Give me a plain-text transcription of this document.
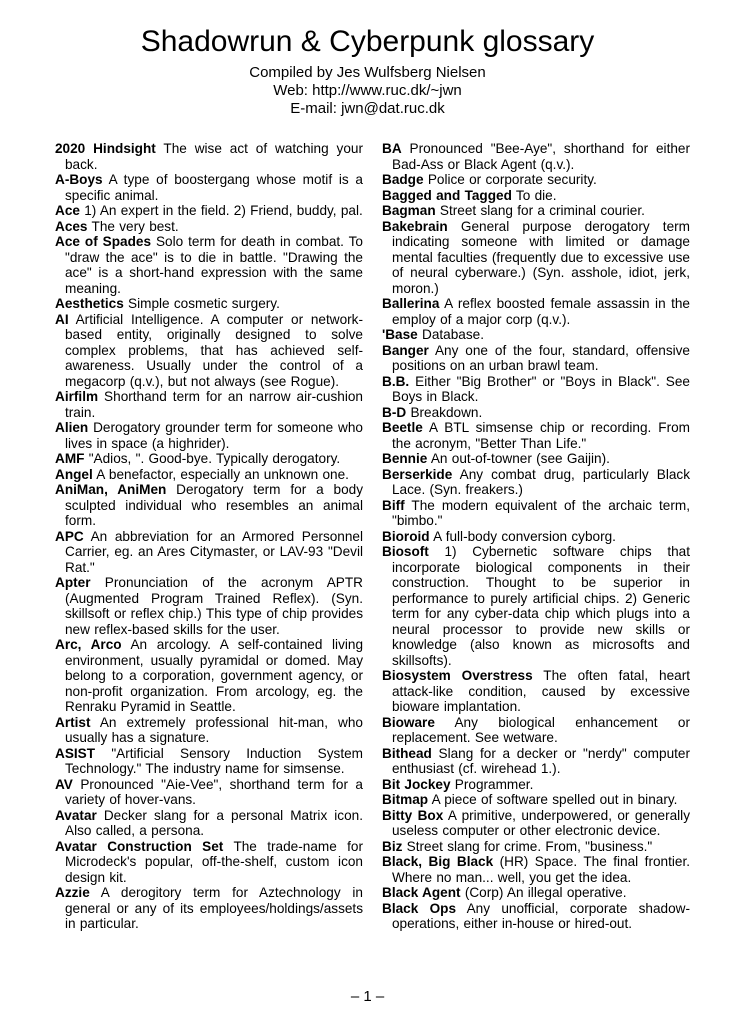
Shadowrun & Cyberpunk glossary
Compiled by Jes Wulfsberg Nielsen
Web: http://www.ruc.dk/~jwn
E-mail: jwn@dat.ruc.dk

2020 Hindsight The wise act of watching your back.

A-Boys A type of boostergang whose motif is a specific animal.

Ace 1) An expert in the field. 2) Friend, buddy, pal.

Aces The very best.

Ace of Spades Solo term for death in combat. To "draw the ace" is to die in battle. "Drawing the ace" is a short-hand expression with the same meaning.

Aesthetics Simple cosmetic surgery.

AI Artificial Intelligence. A computer or network-based entity, originally designed to solve complex problems, that has achieved self-awareness. Usually under the control of a megacorp (q.v.), but not always (see Rogue).

Airfilm Shorthand term for an narrow air-cushion train.

Alien Derogatory grounder term for someone who lives in space (a highrider).

AMF "Adios, ". Good-bye. Typically derogatory.

Angel A benefactor, especially an unknown one.

AniMan, AniMen Derogatory term for a body sculpted individual who resembles an animal form.

APC An abbreviation for an Armored Personnel Carrier, eg. an Ares Citymaster, or LAV-93 "Devil Rat."

Apter Pronunciation of the acronym APTR (Augmented Program Trained Reflex). (Syn. skillsoft or reflex chip.) This type of chip provides new reflex-based skills for the user.

Arc, Arco An arcology. A self-contained living environment, usually pyramidal or domed. May belong to a corporation, government agency, or non-profit organization. From arcology, eg. the Renraku Pyramid in Seattle.

Artist An extremely professional hit-man, who usually has a signature.

ASIST "Artificial Sensory Induction System Technology." The industry name for simsense.

AV Pronounced "Aie-Vee", shorthand term for a variety of hover-vans.

Avatar Decker slang for a personal Matrix icon. Also called, a persona.

Avatar Construction Set The trade-name for Microdeck's popular, off-the-shelf, custom icon design kit.

Azzie A derogitory term for Aztechnology in general or any of its employees/holdings/assets in particular.

BA Pronounced "Bee-Aye", shorthand for either Bad-Ass or Black Agent (q.v.).

Badge Police or corporate security.

Bagged and Tagged To die.

Bagman Street slang for a criminal courier.

Bakebrain General purpose derogatory term indicating someone with limited or damage mental faculties (frequently due to excessive use of neural cyberware.) (Syn. asshole, idiot, jerk, moron.)

Ballerina A reflex boosted female assassin in the employ of a major corp (q.v.).

'Base Database.

Banger Any one of the four, standard, offensive positions on an urban brawl team.

B.B. Either "Big Brother" or "Boys in Black". See Boys in Black.

B-D Breakdown.

Beetle A BTL simsense chip or recording. From the acronym, "Better Than Life."

Bennie An out-of-towner (see Gaijin).

Berserkide Any combat drug, particularly Black Lace. (Syn. freakers.)

Biff The modern equivalent of the archaic term, "bimbo."

Bioroid A full-body conversion cyborg.

Biosoft 1) Cybernetic software chips that incorporate biological components in their construction. Thought to be superior in performance to purely artificial chips. 2) Generic term for any cyber-data chip which plugs into a neural processor to provide new skills or knowledge (also known as microsofts and skillsofts).

Biosystem Overstress The often fatal, heart attack-like condition, caused by excessive bioware implantation.

Bioware Any biological enhancement or replacement. See wetware.

Bithead Slang for a decker or "nerdy" computer enthusiast (cf. wirehead 1.).

Bit Jockey Programmer.

Bitmap A piece of software spelled out in binary.

Bitty Box A primitive, underpowered, or generally useless computer or other electronic device.

Biz Street slang for crime. From, "business."

Black, Big Black (HR) Space. The final frontier. Where no man... well, you get the idea.

Black Agent (Corp) An illegal operative.

Black Ops Any unofficial, corporate shadow-operations, either in-house or hired-out.

– 1 –
